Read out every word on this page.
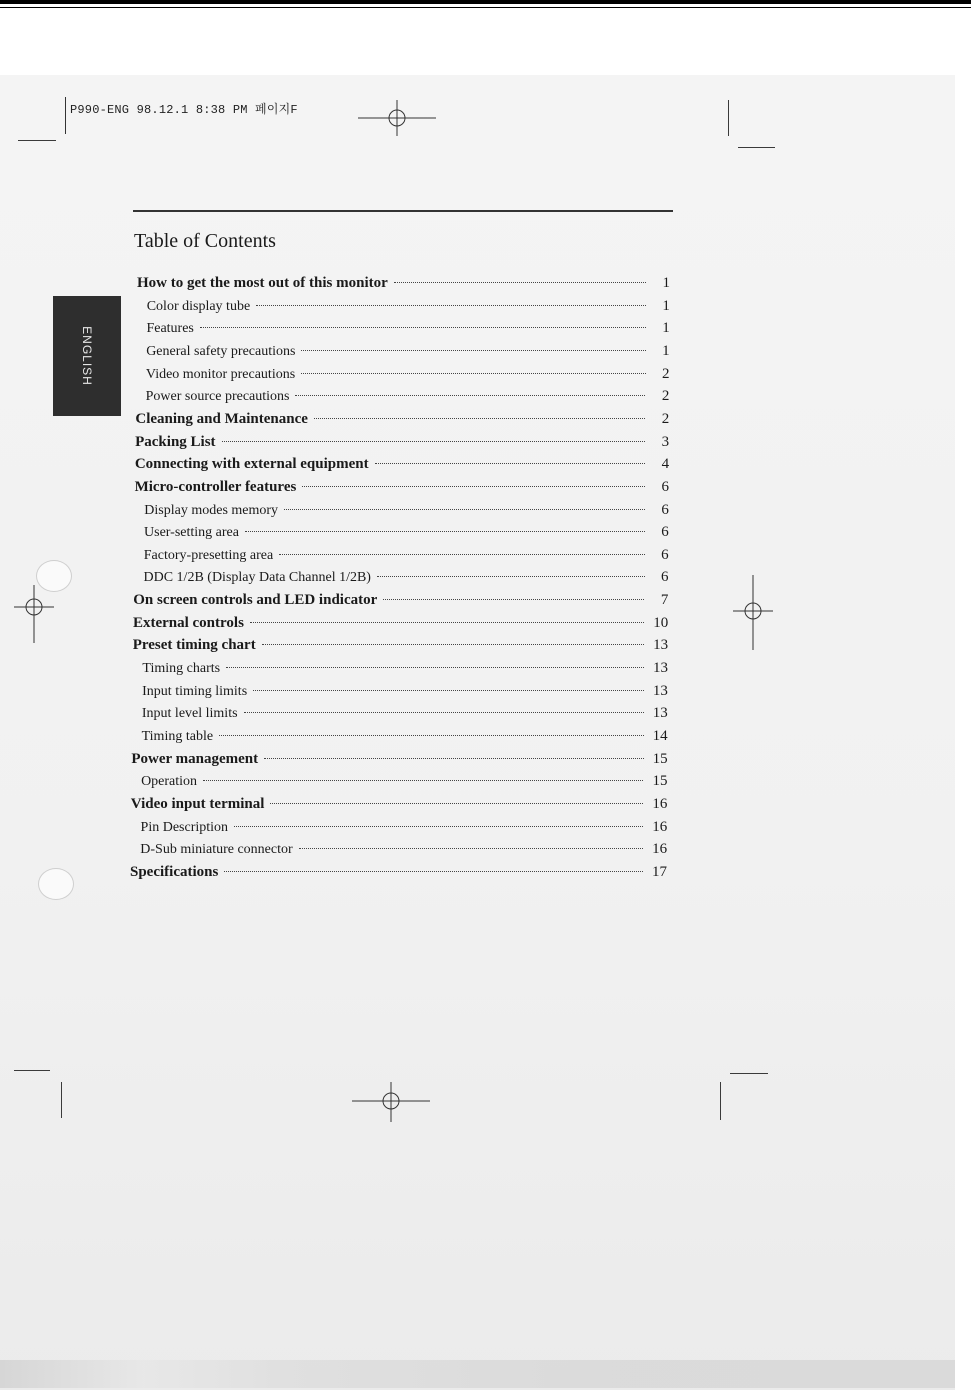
P990-ENG 98.12.1 8:38 PM 페이지F
ENGLISH
Table of Contents
How to get the most out of this monitor	1
Color display tube	1
Features	1
General safety precautions	1
Video monitor precautions	2
Power source precautions	2
Cleaning and Maintenance	2
Packing List	3
Connecting with external equipment	4
Micro-controller features	6
Display modes memory	6
User-setting area	6
Factory-presetting area	6
DDC 1/2B (Display Data Channel 1/2B)	6
On screen controls and LED indicator	7
External controls	10
Preset timing chart	13
Timing charts	13
Input timing limits	13
Input level limits	13
Timing table	14
Power management	15
Operation	15
Video input terminal	16
Pin Description	16
D-Sub miniature connector	16
Specifications	17
